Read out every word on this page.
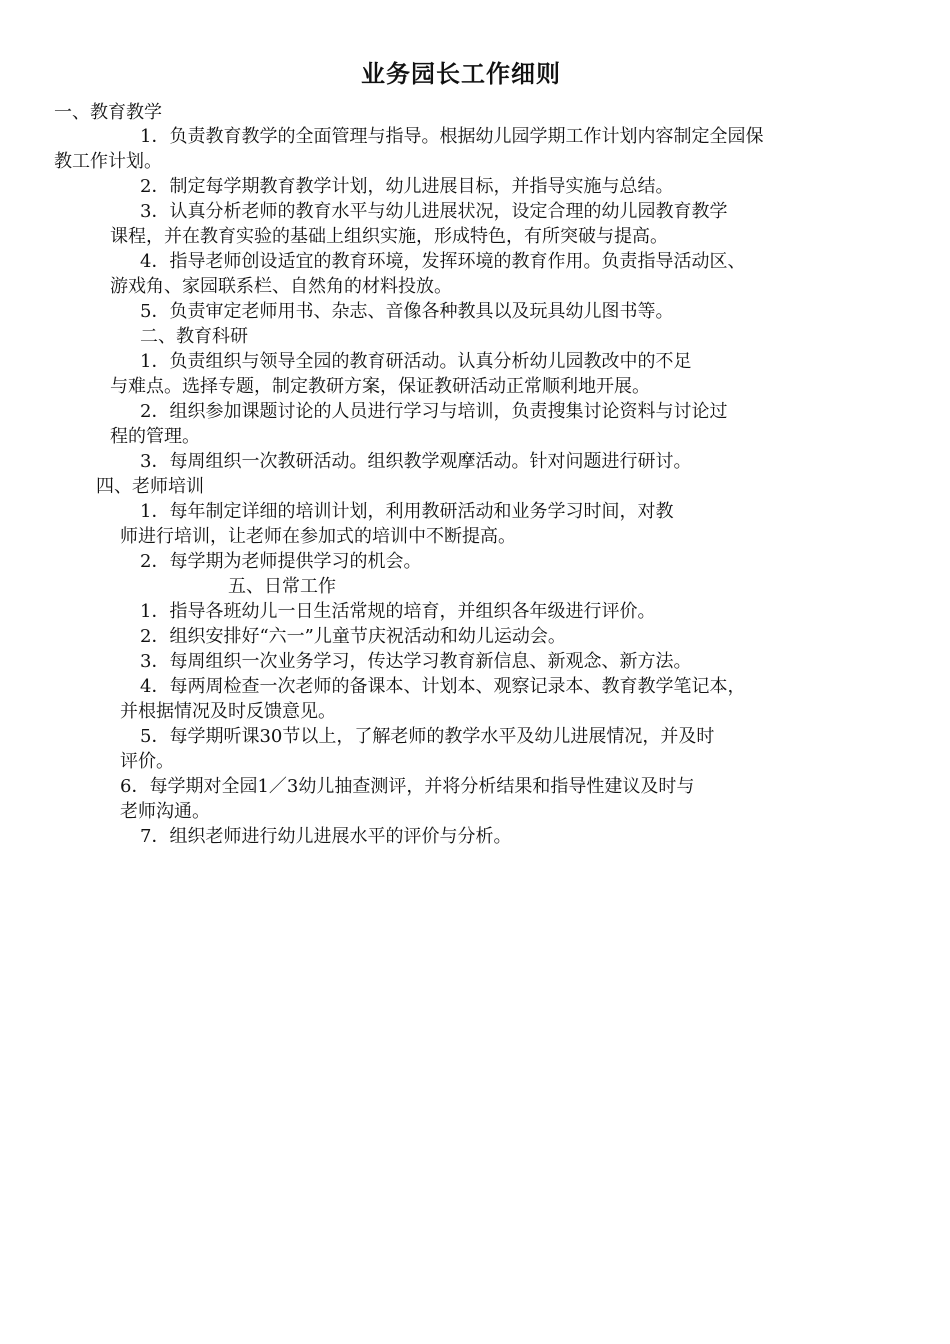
业务园长工作细则
一、教育教学
1．负责教育教学的全面管理与指导。根据幼儿园学期工作计划内容制定全园保
教工作计划。
2．制定每学期教育教学计划，幼儿进展目标，并指导实施与总结。
3．认真分析老师的教育水平与幼儿进展状况，设定合理的幼儿园教育教学
课程，并在教育实验的基础上组织实施，形成特色，有所突破与提高。
4．指导老师创设适宜的教育环境，发挥环境的教育作用。负责指导活动区、
游戏角、家园联系栏、自然角的材料投放。
5．负责审定老师用书、杂志、音像各种教具以及玩具幼儿图书等。
二、教育科研
1．负责组织与领导全园的教育研活动。认真分析幼儿园教改中的不足
与难点。选择专题，制定教研方案，保证教研活动正常顺利地开展。
2．组织参加课题讨论的人员进行学习与培训，负责搜集讨论资料与讨论过
程的管理。
3．每周组织一次教研活动。组织教学观摩活动。针对问题进行研讨。
四、老师培训
1．每年制定详细的培训计划，利用教研活动和业务学习时间，对教
师进行培训，让老师在参加式的培训中不断提高。
2．每学期为老师提供学习的机会。
五、日常工作
1．指导各班幼儿一日生活常规的培育，并组织各年级进行评价。
2．组织安排好“六一”儿童节庆祝活动和幼儿运动会。
3．每周组织一次业务学习，传达学习教育新信息、新观念、新方法。
4．每两周检查一次老师的备课本、计划本、观察记录本、教育教学笔记本，
并根据情况及时反馈意见。
5．每学期听课30节以上，了解老师的教学水平及幼儿进展情况，并及时
评价。
6．每学期对全园1／3幼儿抽查测评，并将分析结果和指导性建议及时与
老师沟通。
7．组织老师进行幼儿进展水平的评价与分析。
